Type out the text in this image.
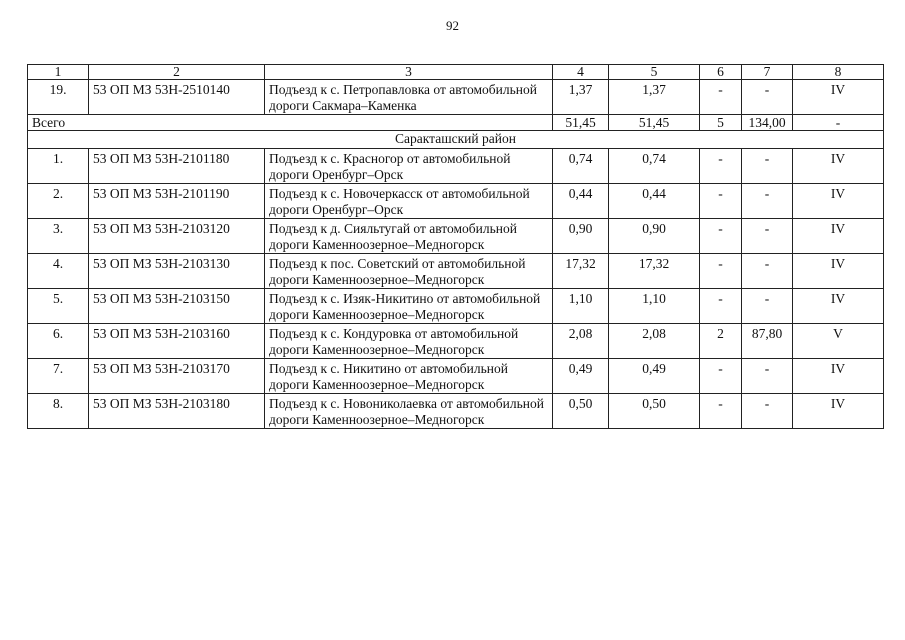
92
1	2	3	4	5	6	7	8
19.	53 ОП МЗ 53Н-2510140	Подъезд к с. Петропавловка от автомобильной дороги Сакмара–Каменка	1,37	1,37	-	-	IV
Всего			51,45	51,45	5	134,00	-
Саракташский район							
1.	53 ОП МЗ 53Н-2101180	Подъезд к с. Красногор от автомобильной дороги Оренбург–Орск	0,74	0,74	-	-	IV
2.	53 ОП МЗ 53Н-2101190	Подъезд к с. Новочеркасск от автомобильной дороги Оренбург–Орск	0,44	0,44	-	-	IV
3.	53 ОП МЗ 53Н-2103120	Подъезд к д. Сияльтугай от автомобильной дороги Каменноозерное–Медногорск	0,90	0,90	-	-	IV
4.	53 ОП МЗ 53Н-2103130	Подъезд к пос. Советский от автомобильной дороги Каменноозерное–Медногорск	17,32	17,32	-	-	IV
5.	53 ОП МЗ 53Н-2103150	Подъезд к с. Изяк-Никитино от автомобильной дороги Каменноозерное–Медногорск	1,10	1,10	-	-	IV
6.	53 ОП МЗ 53Н-2103160	Подъезд к с. Кондуровка от автомобильной дороги Каменноозерное–Медногорск	2,08	2,08	2	87,80	V
7.	53 ОП МЗ 53Н-2103170	Подъезд к с. Никитино от автомобильной дороги Каменноозерное–Медногорск	0,49	0,49	-	-	IV
8.	53 ОП МЗ 53Н-2103180	Подъезд к с. Новониколаевка от автомобильной дороги Каменноозерное–Медногорск	0,50	0,50	-	-	IV
